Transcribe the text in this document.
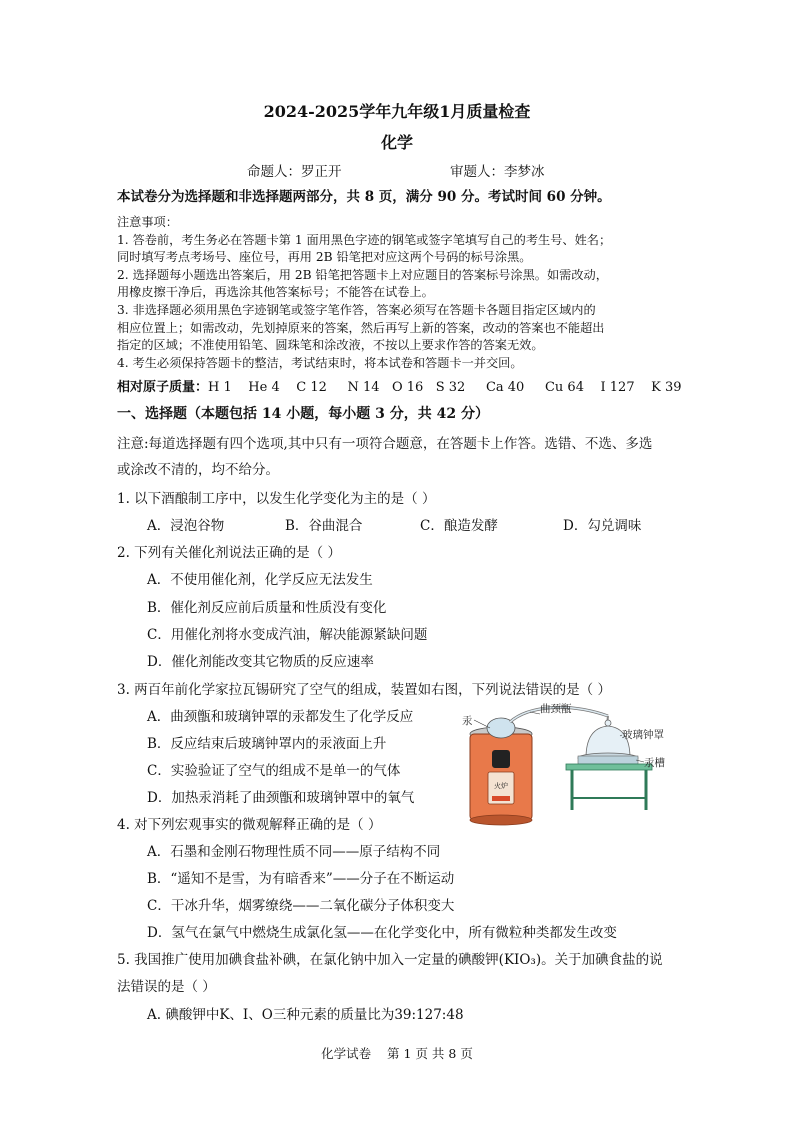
2024-2025学年九年级1月质量检查
化学
命题人：罗正开	审题人：李梦冰
本试卷分为选择题和非选择题两部分，共 8 页，满分 90 分。考试时间 60 分钟。
注意事项：
1. 答卷前，考生务必在答题卡第 1 面用黑色字迹的钢笔或签字笔填写自己的考生号、姓名；
同时填写考点考场号、座位号，再用 2B 铅笔把对应这两个号码的标号涂黑。
2. 选择题每小题选出答案后，用 2B 铅笔把答题卡上对应题目的答案标号涂黑。如需改动，
用橡皮擦干净后，再选涂其他答案标号；不能答在试卷上。
3. 非选择题必须用黑色字迹钢笔或签字笔作答，答案必须写在答题卡各题目指定区域内的
相应位置上；如需改动，先划掉原来的答案，然后再写上新的答案，改动的答案也不能超出
指定的区域；不准使用铅笔、圆珠笔和涂改液，不按以上要求作答的答案无效。
4. 考生必须保持答题卡的整洁，考试结束时，将本试卷和答题卡一并交回。
相对原子质量：H 1    He 4    C 12     N 14   O 16   S 32     Ca 40     Cu 64    I 127    K 39
一、选择题（本题包括 14 小题，每小题 3 分，共 42 分）
注意:每道选择题有四个选项,其中只有一项符合题意，在答题卡上作答。选错、不选、多选
或涂改不清的，均不给分。
1. 以下酒酿制工序中，以发生化学变化为主的是（ ）
A．浸泡谷物	B．谷曲混合	C．酿造发酵	D．勾兑调味
2. 下列有关催化剂说法正确的是（ ）
A．不使用催化剂，化学反应无法发生
B．催化剂反应前后质量和性质没有变化
C．用催化剂将水变成汽油，解决能源紧缺问题
D．催化剂能改变其它物质的反应速率
3. 两百年前化学家拉瓦锡研究了空气的组成，装置如右图，下列说法错误的是（ ）
A．曲颈甑和玻璃钟罩的汞都发生了化学反应
B．反应结束后玻璃钟罩内的汞液面上升
C．实验验证了空气的组成不是单一的气体
D．加热汞消耗了曲颈甑和玻璃钟罩中的氧气
火炉
汞
曲颈甑
玻璃钟罩
汞槽
4. 对下列宏观事实的微观解释正确的是（ ）
A．石墨和金刚石物理性质不同——原子结构不同
B．“遥知不是雪，为有暗香来”——分子在不断运动
C．干冰升华，烟雾缭绕——二氧化碳分子体积变大
D．氢气在氯气中燃烧生成氯化氢——在化学变化中，所有微粒种类都发生改变
5. 我国推广使用加碘食盐补碘，在氯化钠中加入一定量的碘酸钾(KIO₃)。关于加碘食盐的说
法错误的是（ ）
A. 碘酸钾中K、I、O三种元素的质量比为39:127:48
化学试卷    第 1 页 共 8 页
